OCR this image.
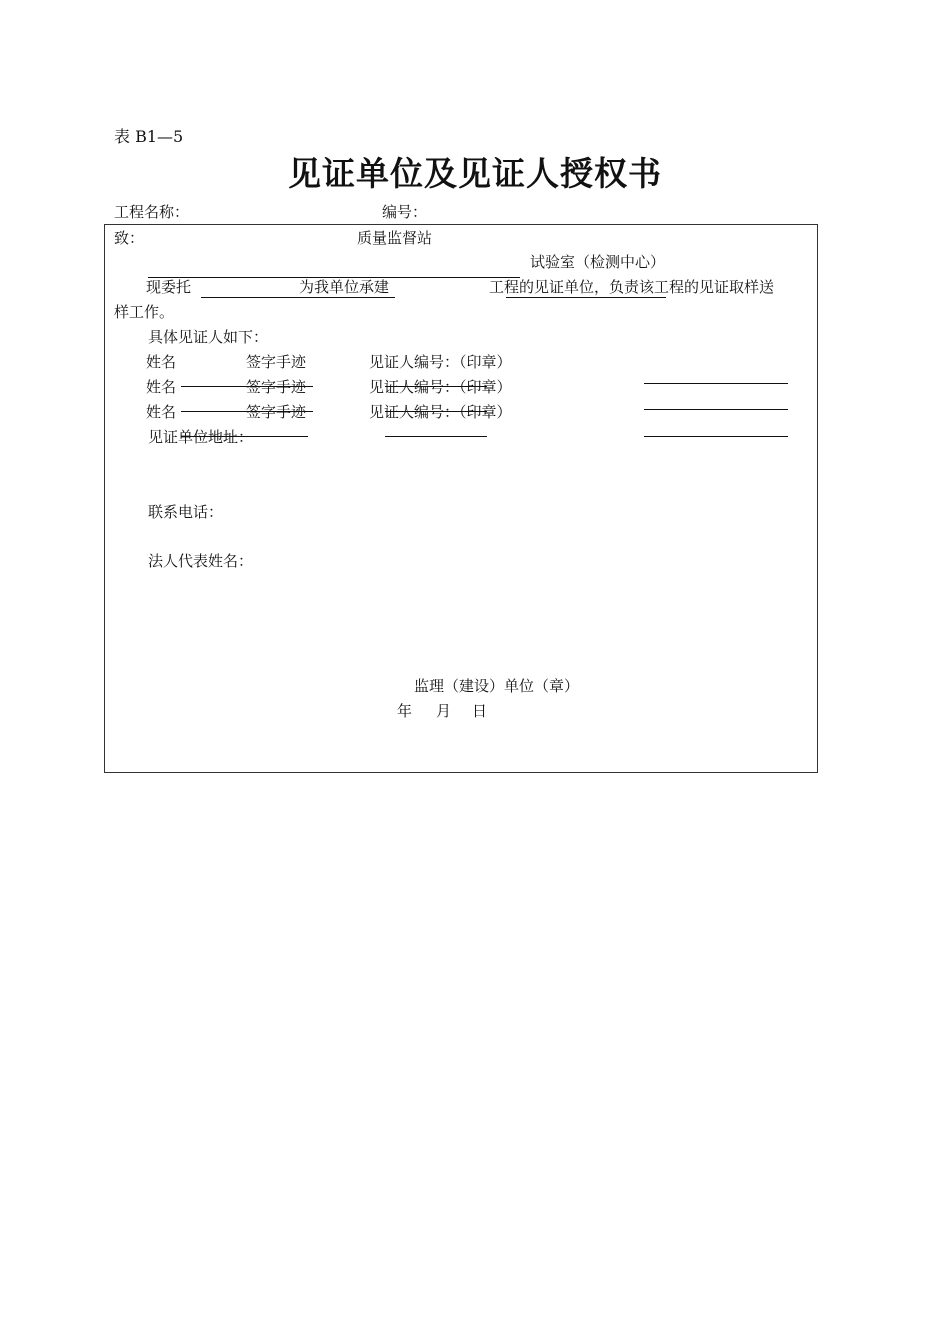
表 B1—5
见证单位及见证人授权书
工程名称：	编号：
致：	质量监督站
试验室（检测中心）
现委托	为我单位承建	工程的见证单位，负责该工程的见证取样送
样工作。
具体见证人如下：
姓名	签字手迹	见证人编号：（印章）
姓名	签字手迹	见证人编号：（印章）
姓名	签字手迹	见证人编号：（印章）
见证单位地址：
联系电话：
法人代表姓名：
监理（建设）单位（章）
年 月 日
